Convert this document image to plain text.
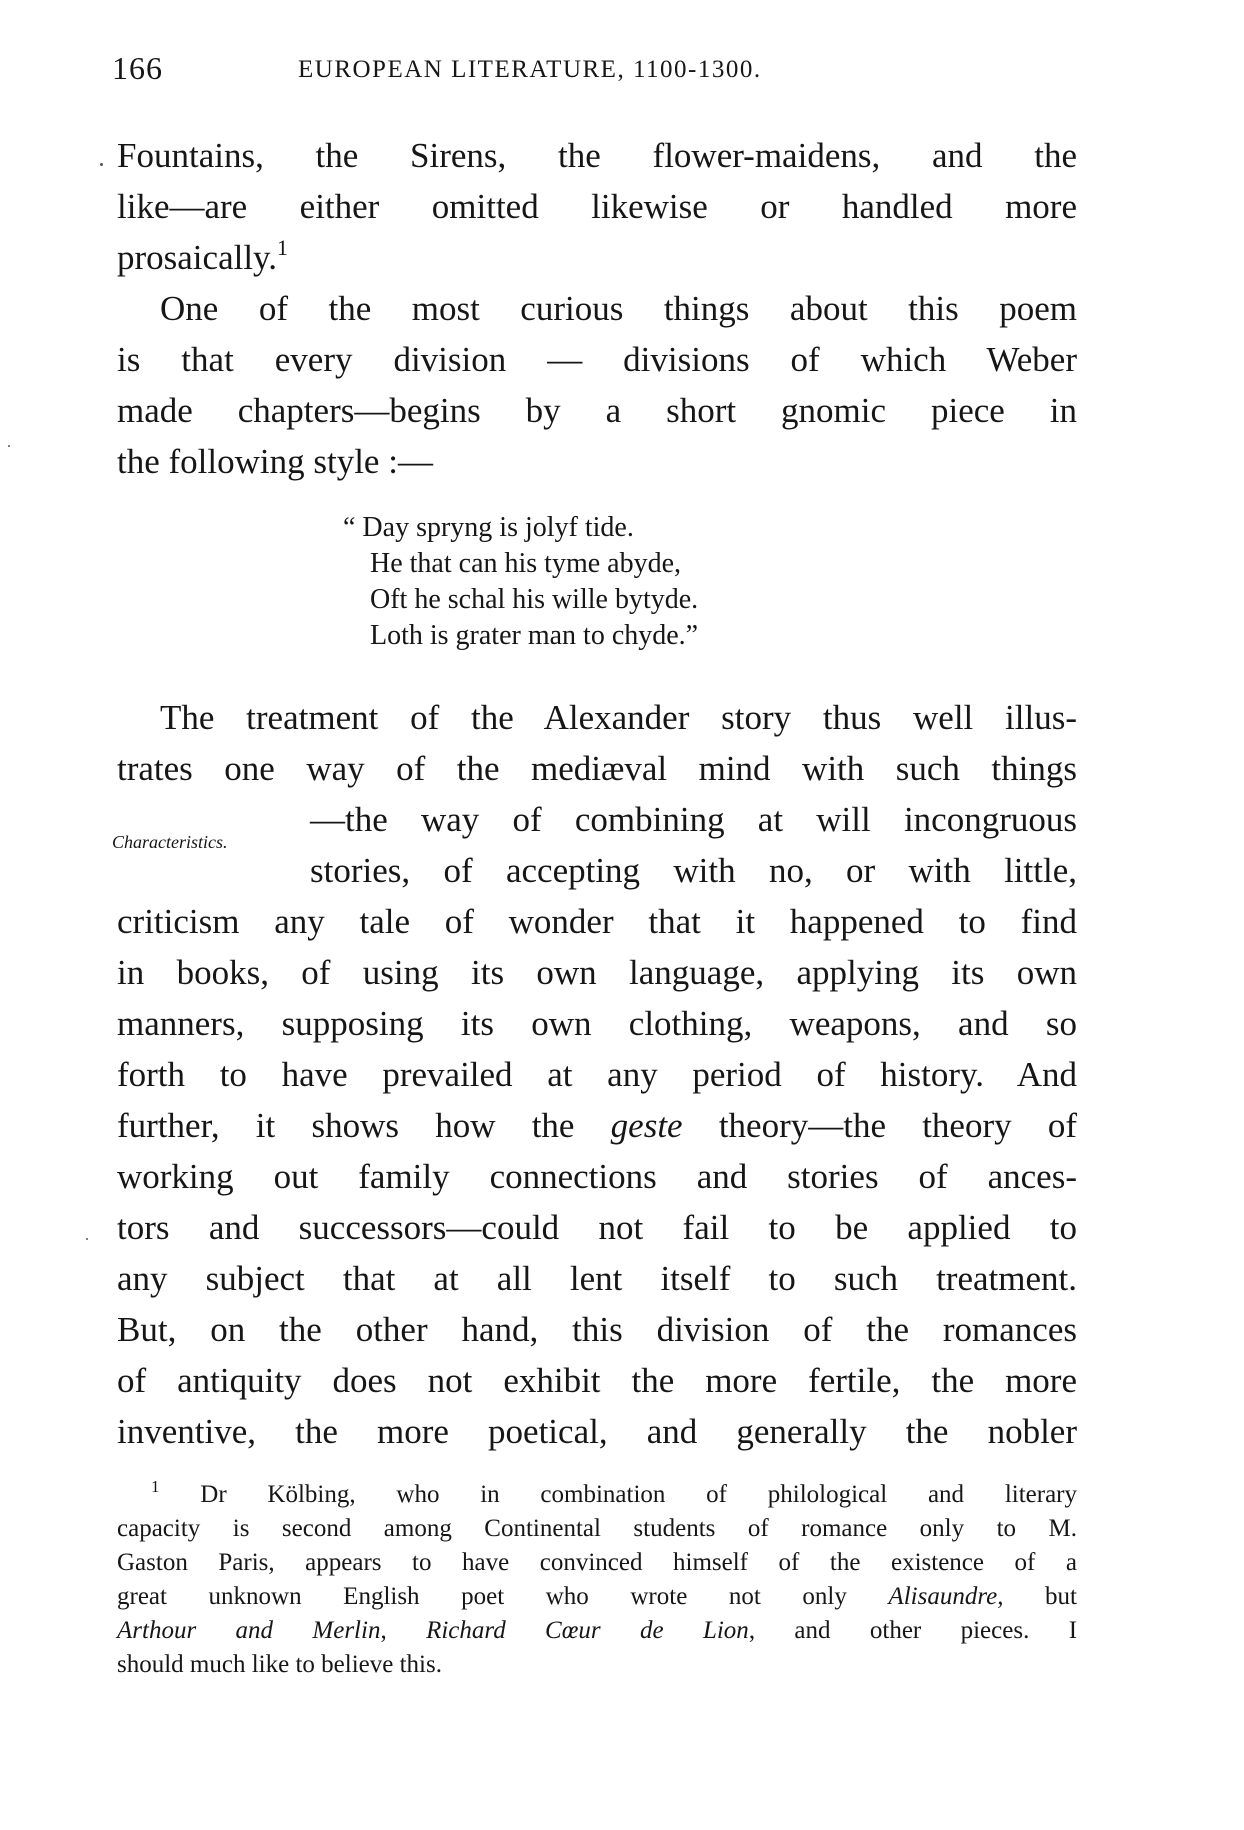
166	EUROPEAN LITERATURE, 1100-1300.
Fountains, the Sirens, the flower-maidens, and the
like—are either omitted likewise or handled more
prosaically.$^1$
One of the most curious things about this poem
is that every division — divisions of which Weber
made chapters—begins by a short gnomic piece in
the following style :—
“ Day spryng is jolyf tide.
He that can his tyme abyde,
Oft he schal his wille bytyde.
Loth is grater man to chyde.”
Characteristics.
The treatment of the Alexander story thus well illus-
trates one way of the mediæval mind with such things
—the way of combining at will incongruous
stories, of accepting with no, or with little,
criticism any tale of wonder that it happened to find
in books, of using its own language, applying its own
manners, supposing its own clothing, weapons, and so
forth to have prevailed at any period of history. And
further, it shows how the geste theory—the theory of
working out family connections and stories of ances-
tors and successors—could not fail to be applied to
any subject that at all lent itself to such treatment.
But, on the other hand, this division of the romances
of antiquity does not exhibit the more fertile, the more
inventive, the more poetical, and generally the nobler
$^1$ Dr Kölbing, who in combination of philological and literary
capacity is second among Continental students of romance only to M.
Gaston Paris, appears to have convinced himself of the existence of a
great unknown English poet who wrote not only Alisaundre, but
Arthour and Merlin, Richard Cœur de Lion, and other pieces. I
should much like to believe this.
